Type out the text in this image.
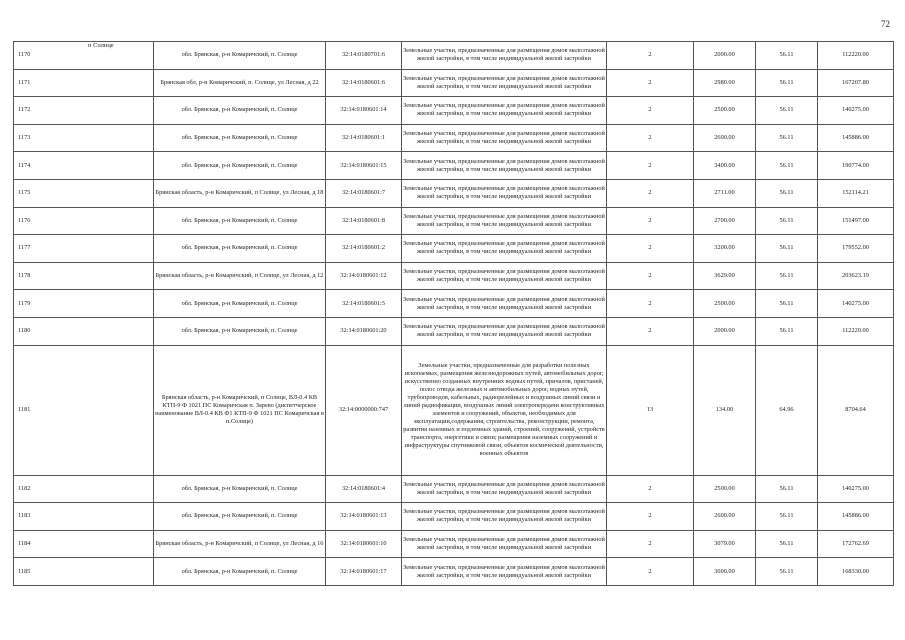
72
п Солнце
1170	обл. Брянская, р-н Комаричский, п. Солнце	32:14:0180701:6	Земельные участки, предназначенные для размещения домов малоэтажной жилой застройки, в том числе индивидуальной жилой застройки	2	2000.00	56.11	112220.00
1171	Брянская обл, р-н Комаричский, п. Солнце, ул Лесная, д 22	32:14:0180601:6	Земельные участки, предназначенные для размещения домов малоэтажной жилой застройки, в том числе индивидуальной жилой застройки	2	2980.00	56.11	167207.80
1172	обл. Брянская, р-н Комаричский, п. Солнце	32:14:0180601:14	Земельные участки, предназначенные для размещения домов малоэтажной жилой застройки, в том числе индивидуальной жилой застройки	2	2500.00	56.11	140275.00
1173	обл. Брянская, р-н Комаричский, п. Солнце	32:14:0180601:1	Земельные участки, предназначенные для размещения домов малоэтажной жилой застройки, в том числе индивидуальной жилой застройки	2	2600.00	56.11	145886.00
1174	обл. Брянская, р-н Комаричский, п. Солнце	32:14:0180601:15	Земельные участки, предназначенные для размещения домов малоэтажной жилой застройки, в том числе индивидуальной жилой застройки	2	3400.00	56.11	190774.00
1175	Брянская область, р-н Комаричский, п Солнце, ул Лесная, д 18	32:14:0180601:7	Земельные участки, предназначенные для размещения домов малоэтажной жилой застройки, в том числе индивидуальной жилой застройки	2	2711.00	56.11	152114.21
1176	обл. Брянская, р-н Комаричский, п. Солнце	32:14:0180601:8	Земельные участки, предназначенные для размещения домов малоэтажной жилой застройки, в том числе индивидуальной жилой застройки	2	2700.00	56.11	151497.00
1177	обл. Брянская, р-н Комаричский, п. Солнце	32:14:0180601:2	Земельные участки, предназначенные для размещения домов малоэтажной жилой застройки, в том числе индивидуальной жилой застройки	2	3200.00	56.11	179552.00
1178	Брянская область, р-н Комаричский, п Солнце, ул Лесная, д 12	32:14:0180601:12	Земельные участки, предназначенные для размещения домов малоэтажной жилой застройки, в том числе индивидуальной жилой застройки	2	3629.00	56.11	203623.19
1179	обл. Брянская, р-н Комаричский, п. Солнце	32:14:0180601:5	Земельные участки, предназначенные для размещения домов малоэтажной жилой застройки, в том числе индивидуальной жилой застройки	2	2500.00	56.11	140275.00
1180	обл. Брянская, р-н Комаричский, п. Солнце	32:14:0180601:20	Земельные участки, предназначенные для размещения домов малоэтажной жилой застройки, в том числе индивидуальной жилой застройки	2	2000.00	56.11	112220.00
1181	Брянская область, р-н Комаричский, п Солнце, ВЛ-0.4 КВ КТП-9 Ф 1021 ПС Комаричская п. Зарево (диспетчерское наименование ВЛ-0.4 КВ Ф1 КТП-9 Ф 1021 ПС Комаричская в п.Солнце)	32:14:0000000:747	Земельные участки, предназначенные для разработки полезных ископаемых, размещения железнодорожных путей, автомобильных дорог, искусственно созданных внутренних водных путей, причалов, пристаней, полос отвода железных и автомобильных дорог, водных путей, трубопроводов, кабельных, радиорелейных и воздушных линий связи и линий радиофикации, воздушных линий электропередачи конструктивных элементов и сооружений, объектов, необходимых для эксплуатации,содержания, строительства, реконструкции, ремонта, развития наземных и подземных зданий, строений, сооружений, устройств транспорта, энергетики и связи; размещения наземных сооружений и инфраструктуры спутниковой связи, объектов космической деятельности, военных объектов	13	134.00	64.96	8704.64
1182	обл. Брянская, р-н Комаричский, п. Солнце	32:14:0180601:4	Земельные участки, предназначенные для размещения домов малоэтажной жилой застройки, в том числе индивидуальной жилой застройки	2	2500.00	56.11	140275.00
1183	обл. Брянская, р-н Комаричский, п. Солнце	32:14:0180601:13	Земельные участки, предназначенные для размещения домов малоэтажной жилой застройки, в том числе индивидуальной жилой застройки	2	2600.00	56.11	145886.00
1184	Брянская область, р-н Комаричский, п Солнце, ул Лесная, д 16	32:14:0180601:10	Земельные участки, предназначенные для размещения домов малоэтажной жилой застройки, в том числе индивидуальной жилой застройки	2	3079.00	56.11	172762.69
1185	обл. Брянская, р-н Комаричский, п. Солнце	32:14:0180601:17	Земельные участки, предназначенные для размещения домов малоэтажной жилой застройки, в том числе индивидуальной жилой застройки	2	3000.00	56.11	168330.00
